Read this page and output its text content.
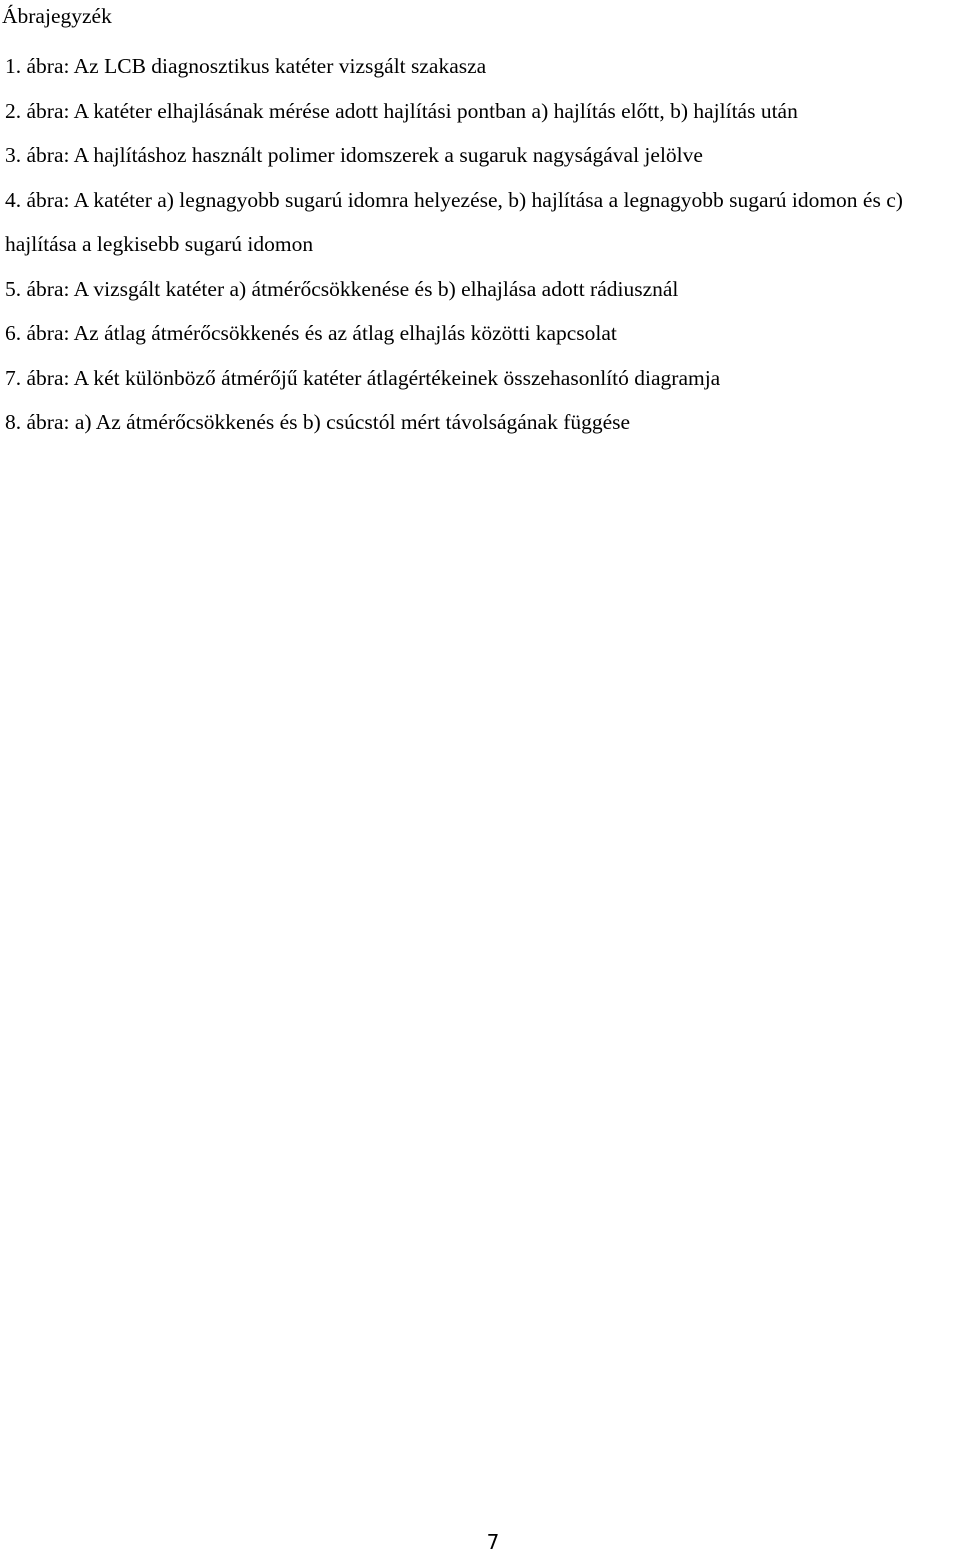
Ábrajegyzék
1. ábra: Az LCB diagnosztikus katéter vizsgált szakasza
2. ábra: A katéter elhajlásának mérése adott hajlítási pontban a) hajlítás előtt, b) hajlítás után
3. ábra: A hajlításhoz használt polimer idomszerek a sugaruk nagyságával jelölve
4. ábra: A katéter a) legnagyobb sugarú idomra helyezése, b) hajlítása a legnagyobb sugarú idomon és c) hajlítása a legkisebb sugarú idomon
5. ábra: A vizsgált katéter a) átmérőcsökkenése és b) elhajlása adott rádiusznál
6. ábra: Az átlag átmérőcsökkenés és az átlag elhajlás közötti kapcsolat
7. ábra: A két különböző átmérőjű katéter átlagértékeinek összehasonlító diagramja
8. ábra: a) Az átmérőcsökkenés és b) csúcstól mért távolságának függése
7
